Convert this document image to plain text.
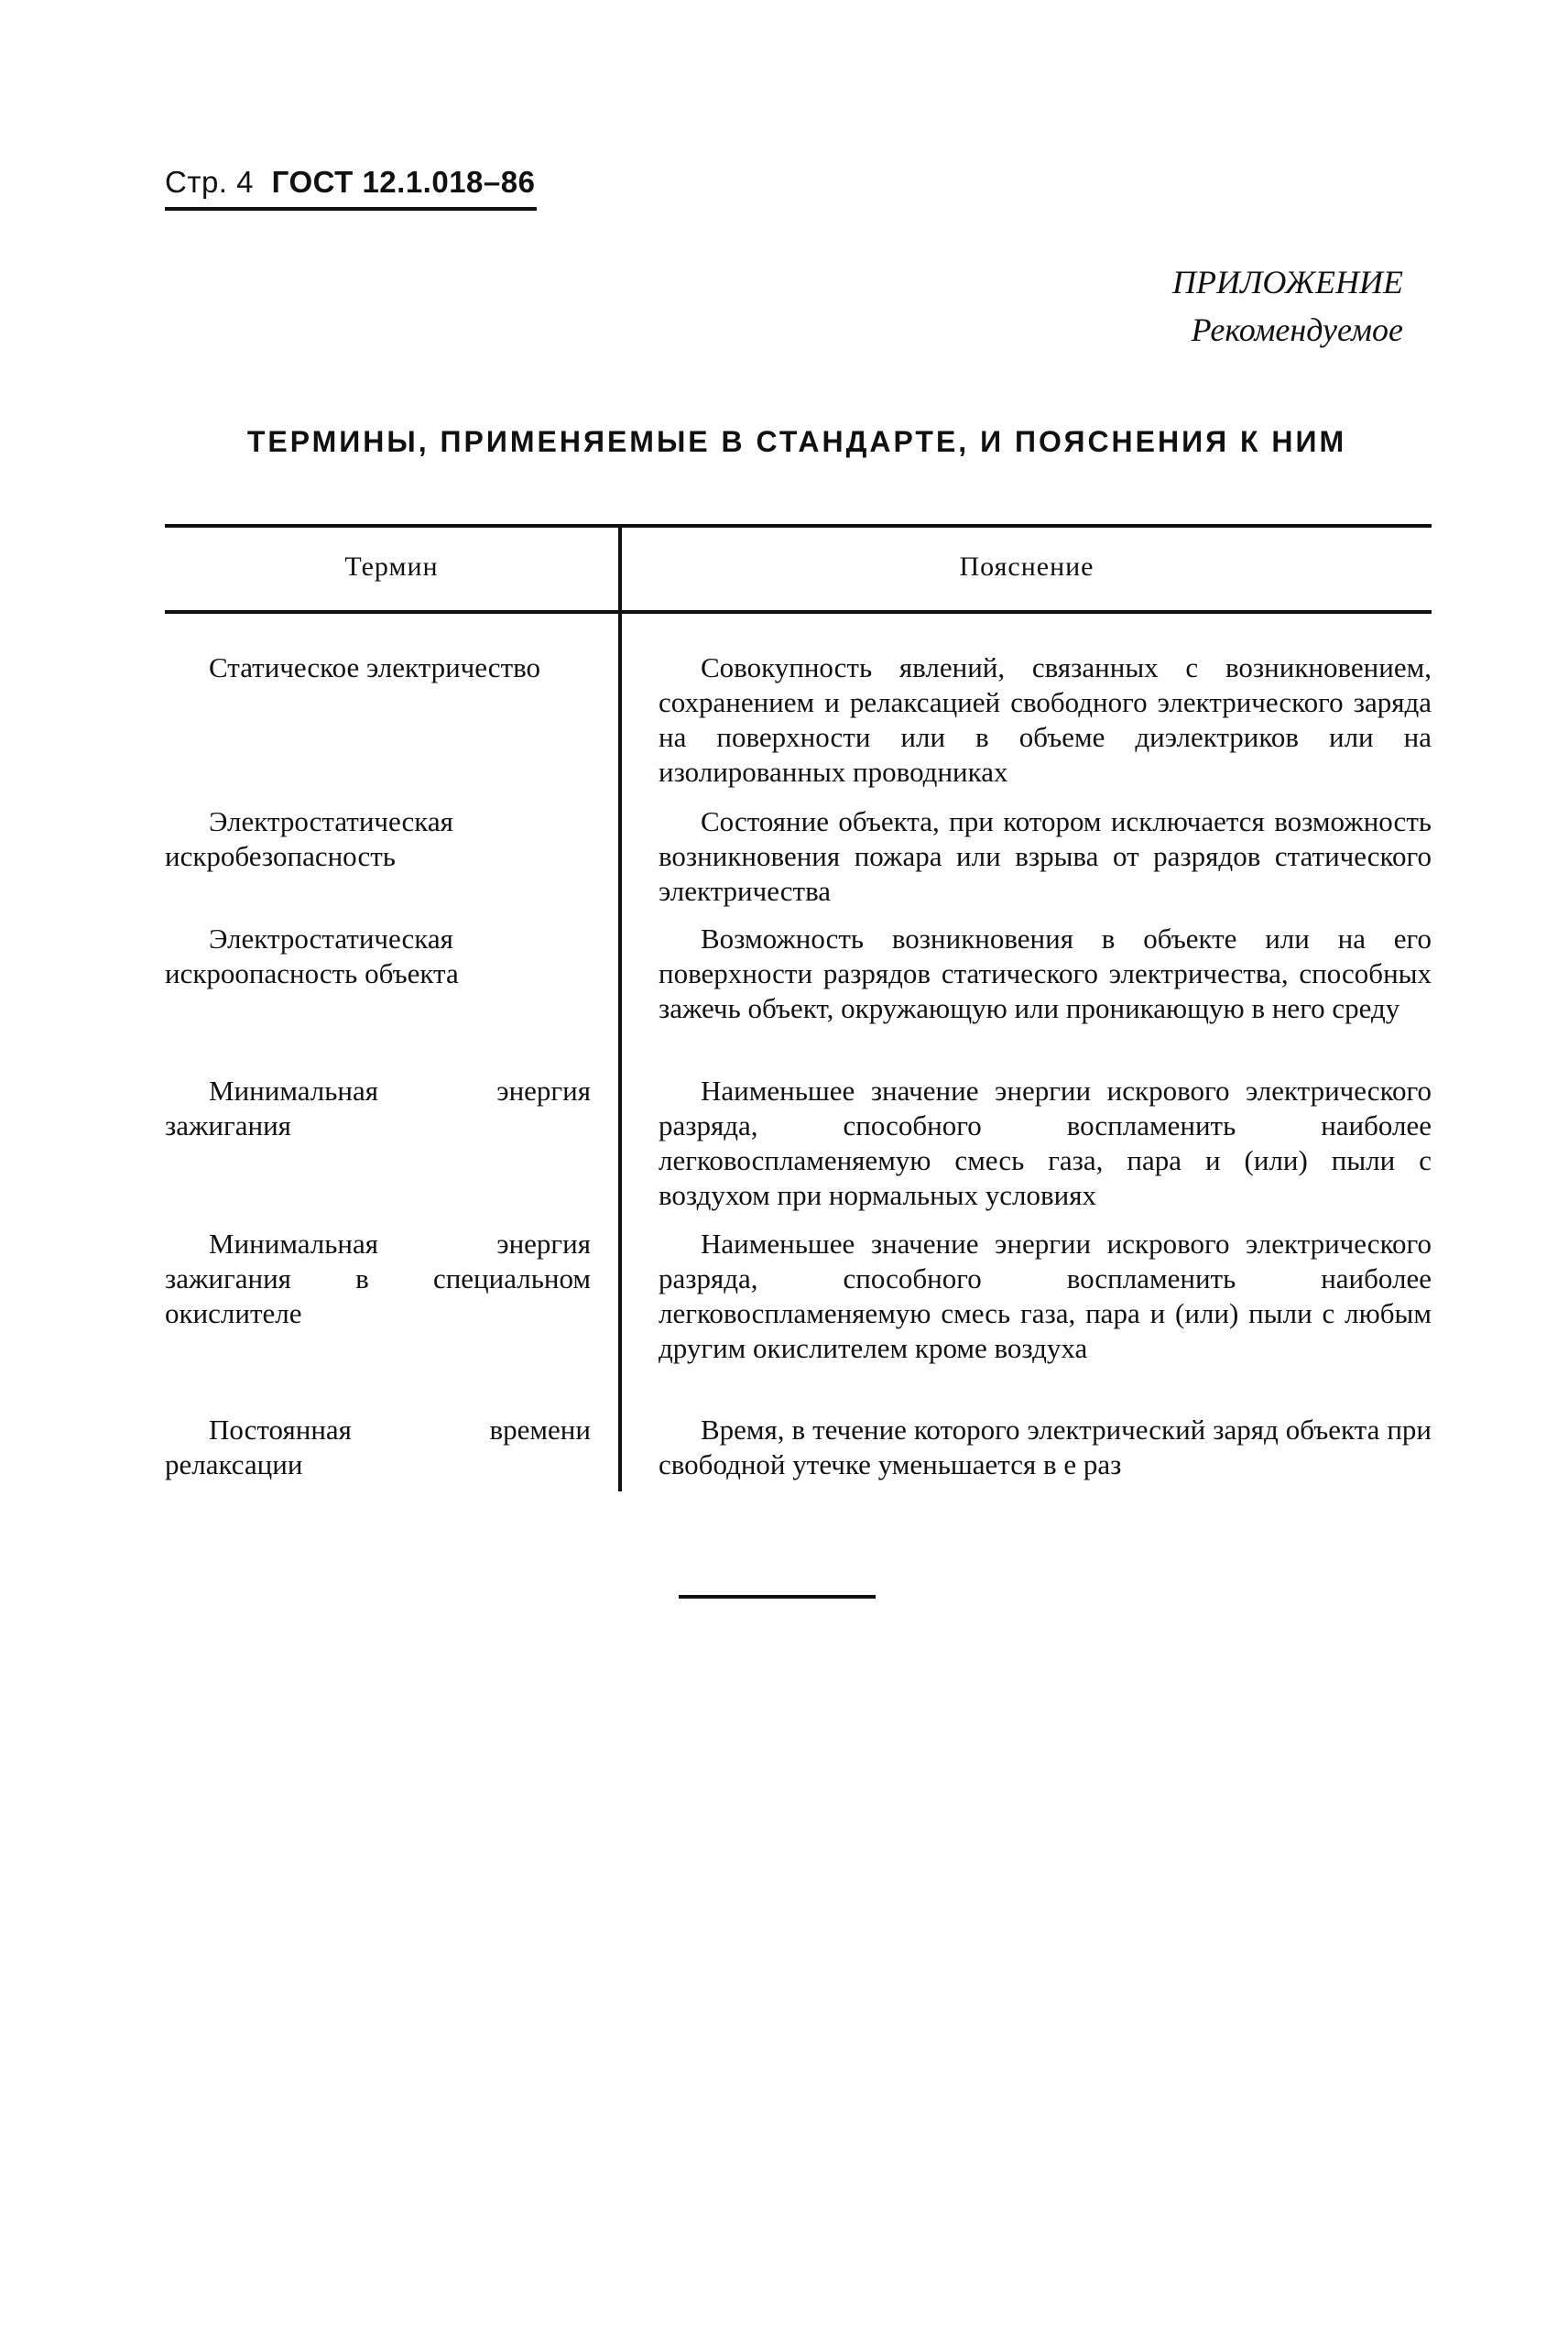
Стр. 4 ГОСТ 12.1.018–86
ПРИЛОЖЕНИЕ
Рекомендуемое
ТЕРМИНЫ, ПРИМЕНЯЕМЫЕ В СТАНДАРТЕ, И ПОЯСНЕНИЯ К НИМ
Термин	Пояснение
Статическое электричество	Совокупность явлений, связанных с возникновением, сохранением и релаксацией свободного электрического заряда на поверхности или в объеме диэлектриков или на изолированных проводниках
Электростатическая искробезопасность
Состояние объекта, при котором исключается возможность возникновения пожара или взрыва от разрядов статического электричества
Электростатическая искроопасность объекта
Возможность возникновения в объекте или на его поверхности разрядов статического электричества, способных зажечь объект, окружающую или проникающую в него среду
Минимальная энергия зажигания
Наименьшее значение энергии искрового электрического разряда, способного воспламенить наиболее легковоспламеняемую смесь газа, пара и (или) пыли с воздухом при нормальных условиях
Минимальная энергия зажигания в специальном окислителе
Наименьшее значение энергии искрового электрического разряда, способного воспламенить наиболее легковоспламеняемую смесь газа, пара и (или) пыли с любым другим окислителем кроме воздуха
Постоянная времени релаксации
Время, в течение которого электрический заряд объекта при свободной утечке уменьшается в e раз
